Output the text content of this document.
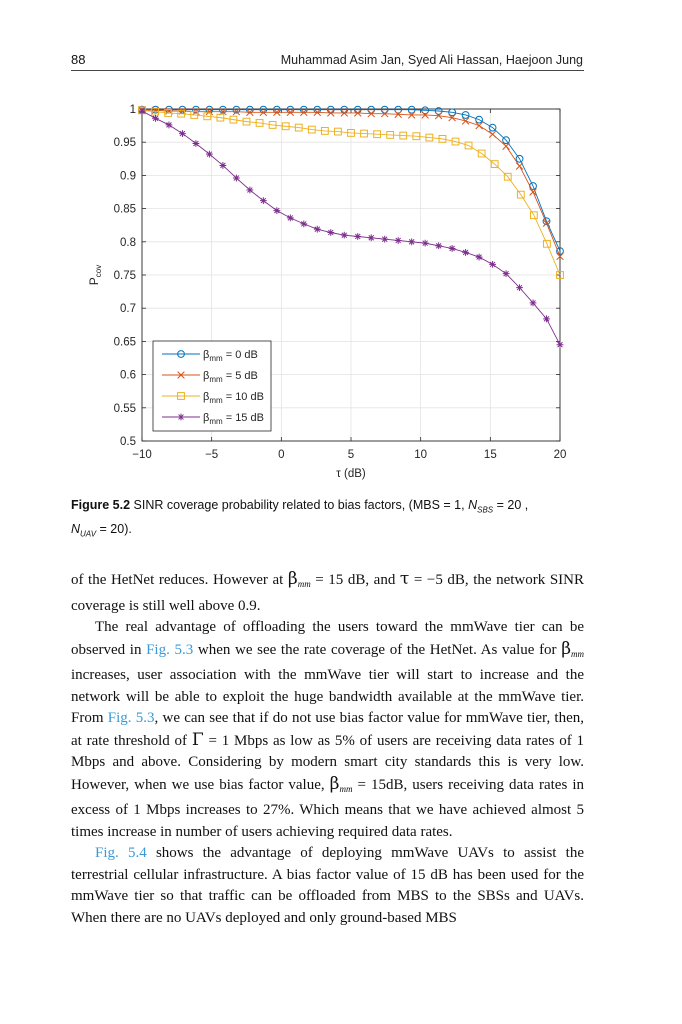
88	Muhammad Asim Jan, Syed Ali Hassan, Haejoon Jung
−10	−5	0	5	10	15	20
0.5
0.55
0.6
0.65
0.7
0.75
0.8
0.85
0.9
0.95
1
τ (dB)
$P_{cov}$
$\beta_{mm} = 0$ dB
$\beta_{mm} = 5$ dB
$\beta_{mm} = 10$ dB
$\beta_{mm} = 15$ dB
Figure 5.2 SINR coverage probability related to bias factors, (MBS = 1, $N_{SBS} = 20$ ,
$N_{UAV} = 20$).

of the HetNet reduces. However at $\beta_{mm} = 15$ dB, and τ = −5 dB, the network SINR coverage is still well above 0.9.

The real advantage of offloading the users toward the mmWave tier can be observed in Fig. 5.3 when we see the rate coverage of the HetNet. As value for $\beta_{mm}$ increases, user association with the mmWave tier will start to increase and the network will be able to exploit the huge bandwidth available at the mmWave tier. From Fig. 5.3, we can see that if do not use bias factor value for mmWave tier, then, at rate threshold of Γ = 1 Mbps as low as 5% of users are receiving data rates of 1 Mbps and above. Considering by modern smart city standards this is very low. However, when we use bias factor value, $\beta_{mm} = 15dB$, users receiving data rates in excess of 1 Mbps increases to 27%. Which means that we have achieved almost 5 times increase in number of users achieving required data rates.

Fig. 5.4 shows the advantage of deploying mmWave UAVs to assist the terrestrial cellular infrastructure. A bias factor value of 15 dB has been used for the mmWave tier so that traffic can be offloaded from MBS to the SBSs and UAVs. When there are no UAVs deployed and only ground-based MBS
